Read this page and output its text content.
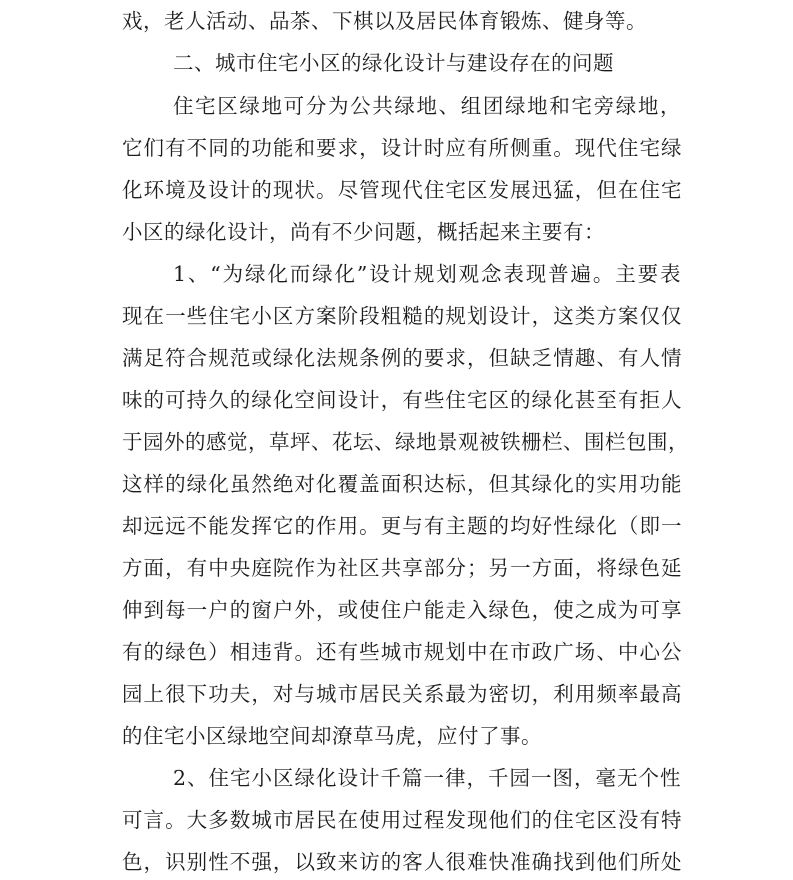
戏，老人活动、品茶、下棋以及居民体育锻炼、健身等。
二、城市住宅小区的绿化设计与建设存在的问题
住宅区绿地可分为公共绿地、组团绿地和宅旁绿地，
它们有不同的功能和要求，设计时应有所侧重。现代住宅绿
化环境及设计的现状。尽管现代住宅区发展迅猛，但在住宅
小区的绿化设计，尚有不少问题，概括起来主要有：
1、“为绿化而绿化”设计规划观念表现普遍。主要表
现在一些住宅小区方案阶段粗糙的规划设计，这类方案仅仅
满足符合规范或绿化法规条例的要求，但缺乏情趣、有人情
味的可持久的绿化空间设计，有些住宅区的绿化甚至有拒人
于园外的感觉，草坪、花坛、绿地景观被铁栅栏、围栏包围，
这样的绿化虽然绝对化覆盖面积达标，但其绿化的实用功能
却远远不能发挥它的作用。更与有主题的均好性绿化（即一
方面，有中央庭院作为社区共享部分；另一方面，将绿色延
伸到每一户的窗户外，或使住户能走入绿色，使之成为可享
有的绿色）相违背。还有些城市规划中在市政广场、中心公
园上很下功夫，对与城市居民关系最为密切，利用频率最高
的住宅小区绿地空间却潦草马虎，应付了事。
2、住宅小区绿化设计千篇一律，千园一图，毫无个性
可言。大多数城市居民在使用过程发现他们的住宅区没有特
色，识别性不强，以致来访的客人很难快准确找到他们所处
